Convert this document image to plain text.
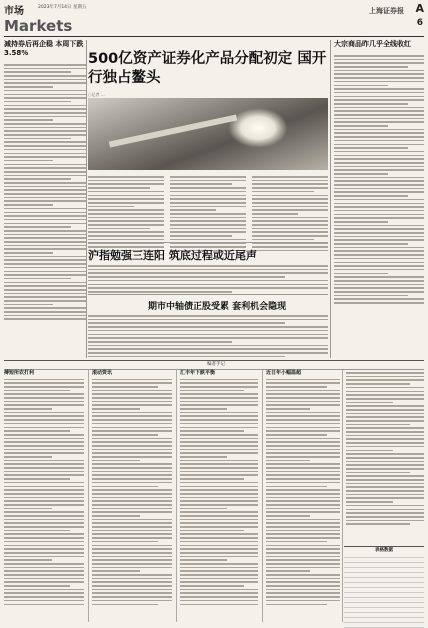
市场	2023年7月14日 星期五
Markets
上海证券报 A
6
减持券后再企稳 本周下跌3.58%	500亿资产证券化产品分配初定 国开行独占鳌头
○记者 …
大宗商品昨几乎全线收红
沪指勉强三连阳 筑底过程或近尾声
期市中轴债正股受累 套利机会隐现
编者手记
搏短所农打利	滚动资讯	汇丰年下跌平衡	近日年小幅温超
表格数据
